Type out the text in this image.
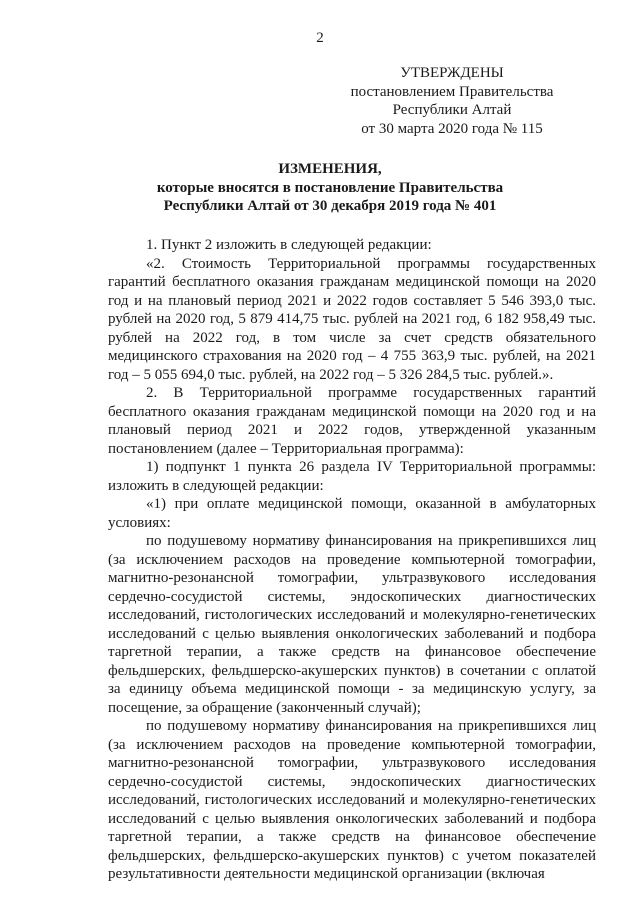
2
УТВЕРЖДЕНЫ
постановлением Правительства
Республики Алтай
от 30 марта 2020 года № 115
ИЗМЕНЕНИЯ,
которые вносятся в постановление Правительства
Республики Алтай от 30 декабря 2019 года № 401

1. Пункт 2 изложить в следующей редакции:

«2. Стоимость Территориальной программы государственных гарантий бесплатного оказания гражданам медицинской помощи на 2020 год и на плановый период 2021 и 2022 годов составляет 5 546 393,0 тыс. рублей на 2020 год, 5 879 414,75 тыс. рублей на 2021 год, 6 182 958,49 тыс. рублей на 2022 год, в том числе за счет средств обязательного медицинского страхования на 2020 год – 4 755 363,9 тыс. рублей, на 2021 год – 5 055 694,0 тыс. рублей, на 2022 год – 5 326 284,5 тыс. рублей.».

2. В Территориальной программе государственных гарантий бесплатного оказания гражданам медицинской помощи на 2020 год и на плановый период 2021 и 2022 годов, утвержденной указанным постановлением (далее – Территориальная программа):

1) подпункт 1 пункта 26 раздела IV Территориальной программы: изложить в следующей редакции:

«1) при оплате медицинской помощи, оказанной в амбулаторных условиях:

по подушевому нормативу финансирования на прикрепившихся лиц (за исключением расходов на проведение компьютерной томографии, магнитно-резонансной томографии, ультразвукового исследования сердечно-сосудистой системы, эндоскопических диагностических исследований, гистологических исследований и молекулярно-генетических исследований с целью выявления онкологических заболеваний и подбора таргетной терапии, а также средств на финансовое обеспечение фельдшерских, фельдшерско-акушерских пунктов) в сочетании с оплатой за единицу объема медицинской помощи - за медицинскую услугу, за посещение, за обращение (законченный случай);

по подушевому нормативу финансирования на прикрепившихся лиц (за исключением расходов на проведение компьютерной томографии, магнитно-резонансной томографии, ультразвукового исследования сердечно-сосудистой системы, эндоскопических диагностических исследований, гистологических исследований и молекулярно-генетических исследований с целью выявления онкологических заболеваний и подбора таргетной терапии, а также средств на финансовое обеспечение фельдшерских, фельдшерско-акушерских пунктов) с учетом показателей результативности деятельности медицинской организации (включая
